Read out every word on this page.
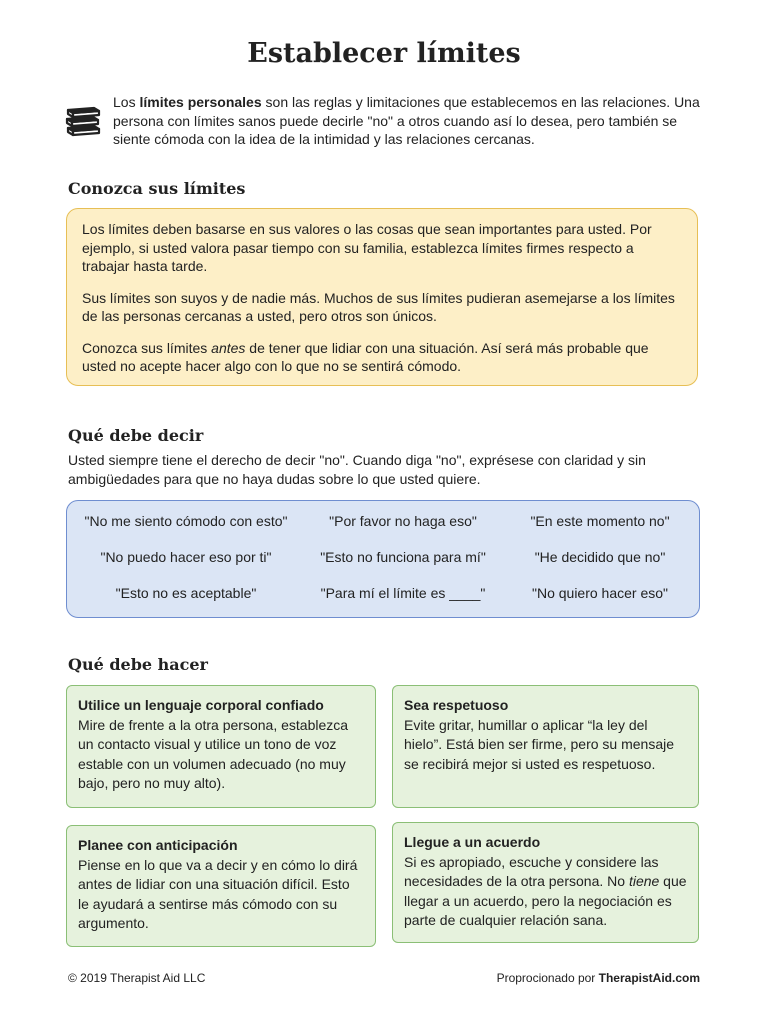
Establecer límites
Los límites personales son las reglas y limitaciones que establecemos en las relaciones. Una persona con límites sanos puede decirle "no" a otros cuando así lo desea, pero también se siente cómoda con la idea de la intimidad y las relaciones cercanas.
Conozca sus límites

Los límites deben basarse en sus valores o las cosas que sean importantes para usted. Por ejemplo, si usted valora pasar tiempo con su familia, establezca límites firmes respecto a trabajar hasta tarde.

Sus límites son suyos y de nadie más. Muchos de sus límites pudieran asemejarse a los límites de las personas cercanas a usted, pero otros son únicos.

Conozca sus límites antes de tener que lidiar con una situación. Así será más probable que usted no acepte hacer algo con lo que no se sentirá cómodo.

Qué debe decir
Usted siempre tiene el derecho de decir "no". Cuando diga "no", exprésese con claridad y sin ambigüedades para que no haya dudas sobre lo que usted quiere.
"No me siento cómodo con esto"	"Por favor no haga eso"	"En este momento no"
"No puedo hacer eso por ti"	"Esto no funciona para mí"	"He decidido que no"
"Esto no es aceptable"	"Para mí el límite es ____"	"No quiero hacer eso"
Qué debe hacer
Utilice un lenguaje corporal confiado
Mire de frente a la otra persona, establezca un contacto visual y utilice un tono de voz estable con un volumen adecuado (no muy bajo, pero no muy alto).
Sea respetuoso
Evite gritar, humillar o aplicar “la ley del hielo”. Está bien ser firme, pero su mensaje se recibirá mejor si usted es respetuoso.
Planee con anticipación
Piense en lo que va a decir y en cómo lo dirá antes de lidiar con una situación difícil. Esto le ayudará a sentirse más cómodo con su argumento.
Llegue a un acuerdo
Si es apropiado, escuche y considere las necesidades de la otra persona. No tiene que llegar a un acuerdo, pero la negociación es parte de cualquier relación sana.
© 2019 Therapist Aid LLC	Proprocionado por TherapistAid.com
